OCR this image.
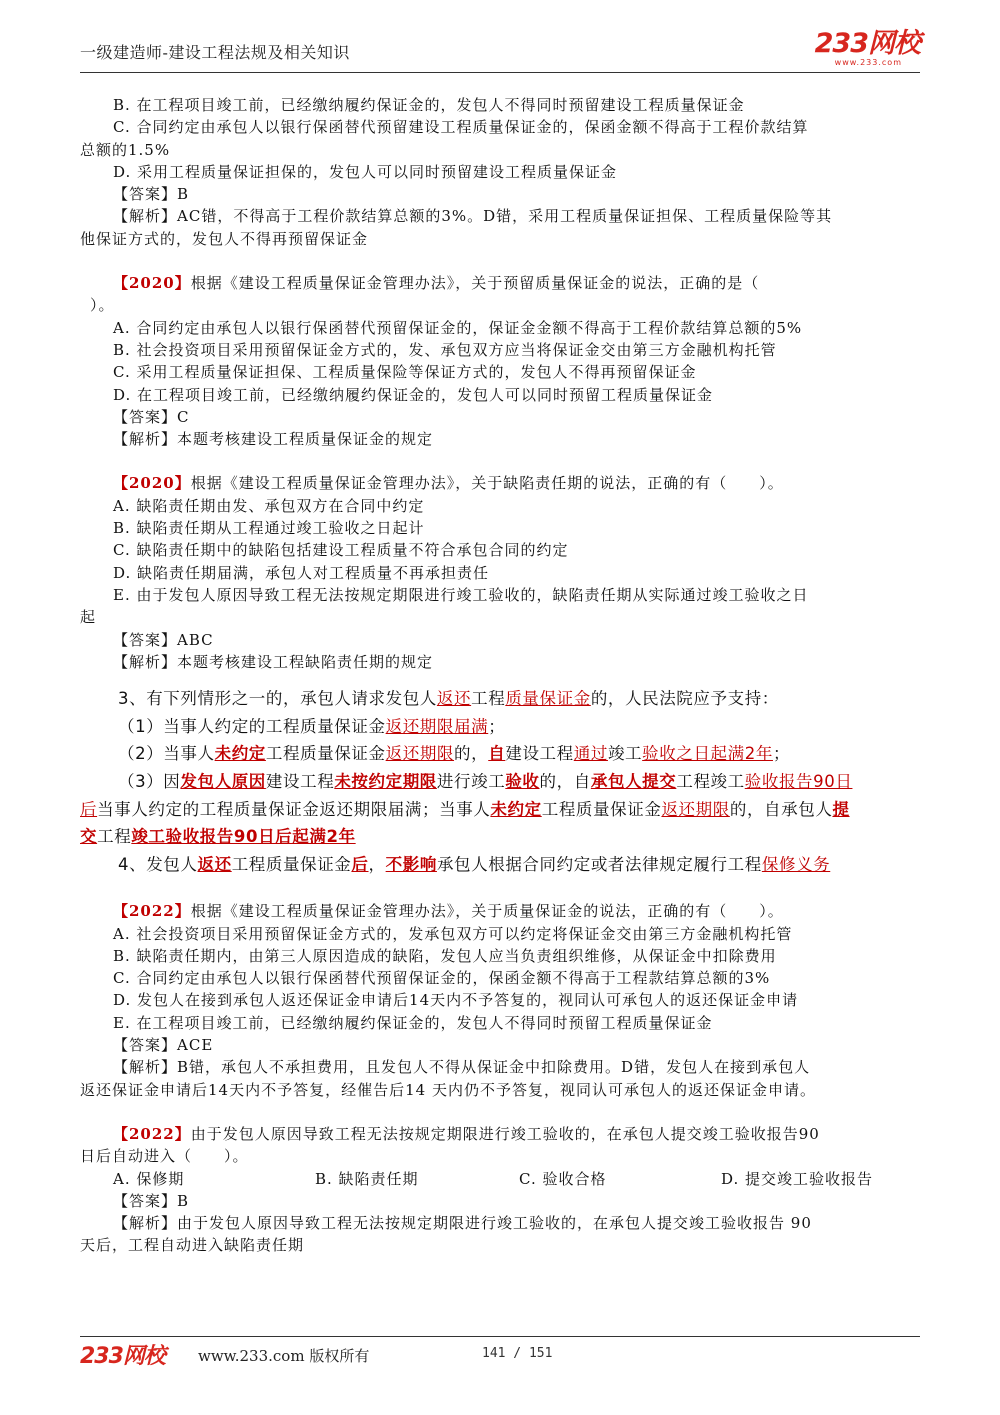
一级建造师-建设工程法规及相关知识	233网校
www.233.com
B. 在工程项目竣工前，已经缴纳履约保证金的，发包人不得同时预留建设工程质量保证金
C. 合同约定由承包人以银行保函替代预留建设工程质量保证金的，保函金额不得高于工程价款结算
总额的1.5%
D. 采用工程质量保证担保的，发包人可以同时预留建设工程质量保证金
【答案】B
【解析】AC错，不得高于工程价款结算总额的3%。D错，采用工程质量保证担保、工程质量保险等其
他保证方式的，发包人不得再预留保证金
【2020】根据《建设工程质量保证金管理办法》，关于预留质量保证金的说法，正确的是（
）。
A. 合同约定由承包人以银行保函替代预留保证金的，保证金金额不得高于工程价款结算总额的5%
B. 社会投资项目采用预留保证金方式的，发、承包双方应当将保证金交由第三方金融机构托管
C. 采用工程质量保证担保、工程质量保险等保证方式的，发包人不得再预留保证金
D. 在工程项目竣工前，已经缴纳履约保证金的，发包人可以同时预留工程质量保证金
【答案】C
【解析】本题考核建设工程质量保证金的规定
【2020】根据《建设工程质量保证金管理办法》，关于缺陷责任期的说法，正确的有（　　）。
A. 缺陷责任期由发、承包双方在合同中约定
B. 缺陷责任期从工程通过竣工验收之日起计
C. 缺陷责任期中的缺陷包括建设工程质量不符合承包合同的约定
D. 缺陷责任期届满，承包人对工程质量不再承担责任
E. 由于发包人原因导致工程无法按规定期限进行竣工验收的，缺陷责任期从实际通过竣工验收之日
起
【答案】ABC
【解析】本题考核建设工程缺陷责任期的规定
3、有下列情形之一的，承包人请求发包人返还工程质量保证金的，人民法院应予支持：
（1）当事人约定的工程质量保证金返还期限届满；
（2）当事人未约定工程质量保证金返还期限的，自建设工程通过竣工验收之日起满2年；
（3）因发包人原因建设工程未按约定期限进行竣工验收的，自承包人提交工程竣工验收报告90日
后当事人约定的工程质量保证金返还期限届满；当事人未约定工程质量保证金返还期限的，自承包人提
交工程竣工验收报告90日后起满2年
4、发包人返还工程质量保证金后，不影响承包人根据合同约定或者法律规定履行工程保修义务
【2022】根据《建设工程质量保证金管理办法》，关于质量保证金的说法，正确的有（　　）。
A. 社会投资项目采用预留保证金方式的，发承包双方可以约定将保证金交由第三方金融机构托管
B. 缺陷责任期内，由第三人原因造成的缺陷，发包人应当负责组织维修，从保证金中扣除费用
C. 合同约定由承包人以银行保函替代预留保证金的，保函金额不得高于工程款结算总额的3%
D. 发包人在接到承包人返还保证金申请后14天内不予答复的，视同认可承包人的返还保证金申请
E. 在工程项目竣工前，已经缴纳履约保证金的，发包人不得同时预留工程质量保证金
【答案】ACE
【解析】B错，承包人不承担费用，且发包人不得从保证金中扣除费用。D错，发包人在接到承包人
返还保证金申请后14天内不予答复，经催告后14 天内仍不予答复，视同认可承包人的返还保证金申请。
【2022】由于发包人原因导致工程无法按规定期限进行竣工验收的，在承包人提交竣工验收报告90
日后自动进入（　　）。
A. 保修期	B. 缺陷责任期	C. 验收合格	D. 提交竣工验收报告
【答案】B
【解析】由于发包人原因导致工程无法按规定期限进行竣工验收的，在承包人提交竣工验收报告 90
天后，工程自动进入缺陷责任期
233网校 www.233.com 版权所有	141 / 151
